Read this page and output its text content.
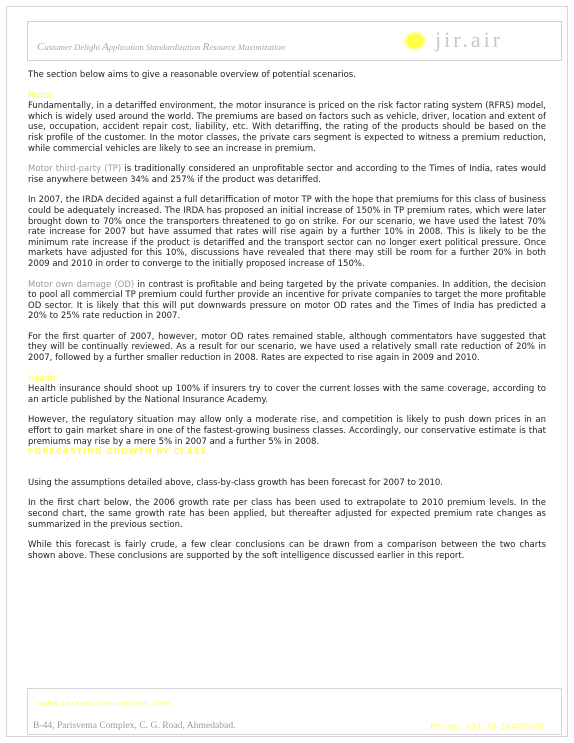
Customer Delight Application Standardization Resource Maximization	jir.air
www.carservicessupplies.com
B-44, Parisvema Complex, C. G. Road, Ahmedabad.	Phone: +91-79-26400000

The section below aims to give a reasonable overview of potential scenarios.

Motor

Fundamentally, in a detariffed environment, the motor insurance is priced on the risk factor rating system (RFRS) model, which is widely used around the world. The premiums are based on factors such as vehicle, driver, location and extent of use, occupation, accident repair cost, liability, etc. With detariffing, the rating of the products should be based on the risk profile of the customer. In the motor classes, the private cars segment is expected to witness a premium reduction, while commercial vehicles are likely to see an increase in premium.

Motor third-party (TP) is traditionally considered an unprofitable sector and according to the Times of India, rates would rise anywhere between 34% and 257% if the product was detariffed.

In 2007, the IRDA decided against a full detariffication of motor TP with the hope that premiums for this class of business could be adequately increased. The IRDA has proposed an initial increase of 150% in TP premium rates, which were later brought down to 70% once the transporters threatened to go on strike. For our scenario, we have used the latest 70% rate increase for 2007 but have assumed that rates will rise again by a further 10% in 2008. This is likely to be the minimum rate increase if the product is detariffed and the transport sector can no longer exert political pressure. Once markets have adjusted for this 10%, discussions have revealed that there may still be room for a further 20% in both 2009 and 2010 in order to converge to the initially proposed increase of 150%.

Motor own damage (OD) in contrast is profitable and being targeted by the private companies. In addition, the decision to pool all commercial TP premium could further provide an incentive for private companies to target the more profitable OD sector. It is likely that this will put downwards pressure on motor OD rates and the Times of India has predicted a 20% to 25% rate reduction in 2007.

For the first quarter of 2007, however, motor OD rates remained stable, although commentators have suggested that they will be continually reviewed. As a result for our scenario, we have used a relatively small rate reduction of 20% in 2007, followed by a further smaller reduction in 2008. Rates are expected to rise again in 2009 and 2010.

Health

Health insurance should shoot up 100% if insurers try to cover the current losses with the same coverage, according to an article published by the National Insurance Academy.

However, the regulatory situation may allow only a moderate rise, and competition is likely to push down prices in an effort to gain market share in one of the fastest-growing business classes. Accordingly, our conservative estimate is that premiums may rise by a mere 5% in 2007 and a further 5% in 2008.

FORECASTING GROWTH BY CLASS

Using the assumptions detailed above, class-by-class growth has been forecast for 2007 to 2010.

In the first chart below, the 2006 growth rate per class has been used to extrapolate to 2010 premium levels. In the second chart, the same growth rate has been applied, but thereafter adjusted for expected premium rate changes as summarized in the previous section.

While this forecast is fairly crude, a few clear conclusions can be drawn from a comparison between the two charts shown above. These conclusions are supported by the soft intelligence discussed earlier in this report.
